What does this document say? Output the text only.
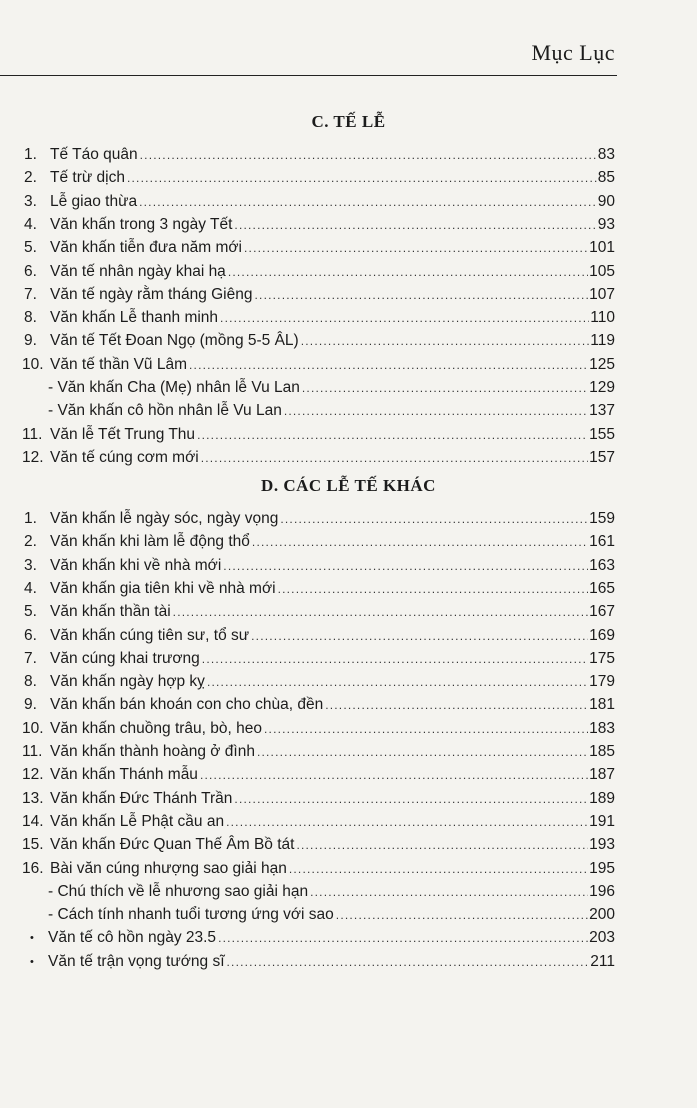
Mục Lục
C. TẾ LỄ
1. Tế Táo quân .....	83
2. Tế trừ dịch .....	85
3. Lễ giao thừa .....	90
4. Văn khấn trong 3 ngày Tết .....	93
5. Văn khấn tiễn đưa năm mới .....	101
6. Văn tế nhân ngày khai hạ .....	105
7. Văn tế ngày rằm tháng Giêng .....	107
8. Văn khấn Lễ thanh minh .....	110
9. Văn tế Tết Đoan Ngọ (mồng 5-5 ÂL) .....	119
10. Văn tế thần Vũ Lâm .....	125
- Văn khấn Cha (Mẹ) nhân lễ Vu Lan .....	129
- Văn khấn cô hồn nhân lễ Vu Lan .....	137
11. Văn lễ Tết Trung Thu .....	155
12. Văn tế cúng cơm mới .....	157
D. CÁC LỄ TẾ KHÁC
1. Văn khấn lễ ngày sóc, ngày vọng .....	159
2. Văn khấn khi làm lễ động thổ .....	161
3. Văn khấn khi về nhà mới .....	163
4. Văn khấn gia tiên khi về nhà mới .....	165
5. Văn khấn thần tài .....	167
6. Văn khấn cúng tiên sư, tổ sư .....	169
7. Văn cúng khai trương .....	175
8. Văn khấn ngày hợp kỵ .....	179
9. Văn khấn bán khoán con cho chùa, đền .....	181
10. Văn khấn chuồng trâu, bò, heo .....	183
11. Văn khấn thành hoàng ở đình .....	185
12. Văn khấn Thánh mẫu .....	187
13. Văn khấn Đức Thánh Trần .....	189
14. Văn khấn Lễ Phật cầu an .....	191
15. Văn khấn Đức Quan Thế Âm Bồ tát .....	193
16. Bài văn cúng nhượng sao giải hạn .....	195
- Chú thích về lễ nhương sao giải hạn .....	196
- Cách tính nhanh tuổi tương ứng với sao .....	200
• Văn tế cô hồn ngày 23.5 .....	203
• Văn tế trận vọng tướng sĩ .....	211
